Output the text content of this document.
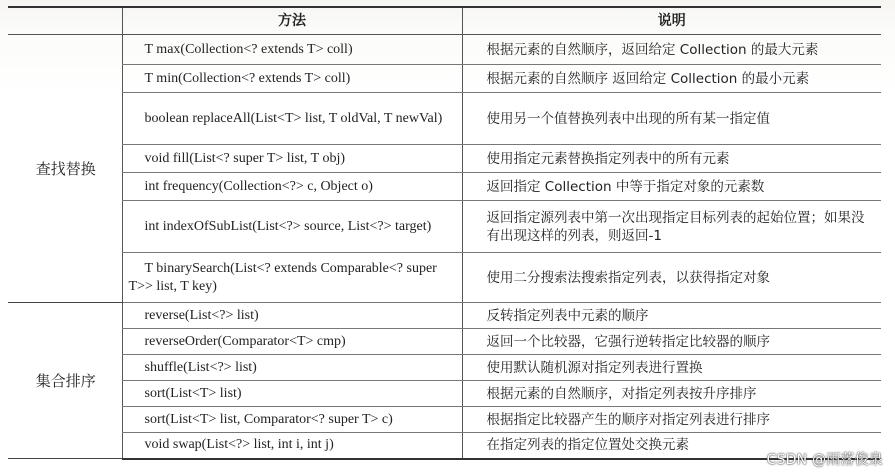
	方法	说明
查找替换	T max(Collection<? extends T> coll)	根据元素的自然顺序，返回给定 Collection 的最大元素

	T min(Collection<? extends T> coll)	根据元素的自然顺序 返回给定 Collection 的最小元素

	boolean replaceAll(List<T> list, T oldVal, T newVal)	使用另一个值替换列表中出现的所有某一指定值

	void fill(List<? super T> list, T obj)	使用指定元素替换指定列表中的所有元素

	int frequency(Collection<?> c, Object o)	返回指定 Collection 中等于指定对象的元素数

	int indexOfSubList(List<?> source, List<?> target)	返回指定源列表中第一次出现指定目标列表的起始位置；如果没有出现这样的列表，则返回-1

	T binarySearch(List<? extends Comparable<? super T>> list, T key)	使用二分搜索法搜索指定列表，以获得指定对象
集合排序	reverse(List<?> list)	反转指定列表中元素的顺序

	reverseOrder(Comparator<T> cmp)	返回一个比较器，它强行逆转指定比较器的顺序

	shuffle(List<?> list)	使用默认随机源对指定列表进行置换

	sort(List<T> list)	根据元素的自然顺序，对指定列表按升序排序

	sort(List<T> list, Comparator<? super T> c)	根据指定比较器产生的顺序对指定列表进行排序

	void swap(List<?> list, int i, int j)	在指定列表的指定位置处交换元素
CSDN @雨落俊泉
